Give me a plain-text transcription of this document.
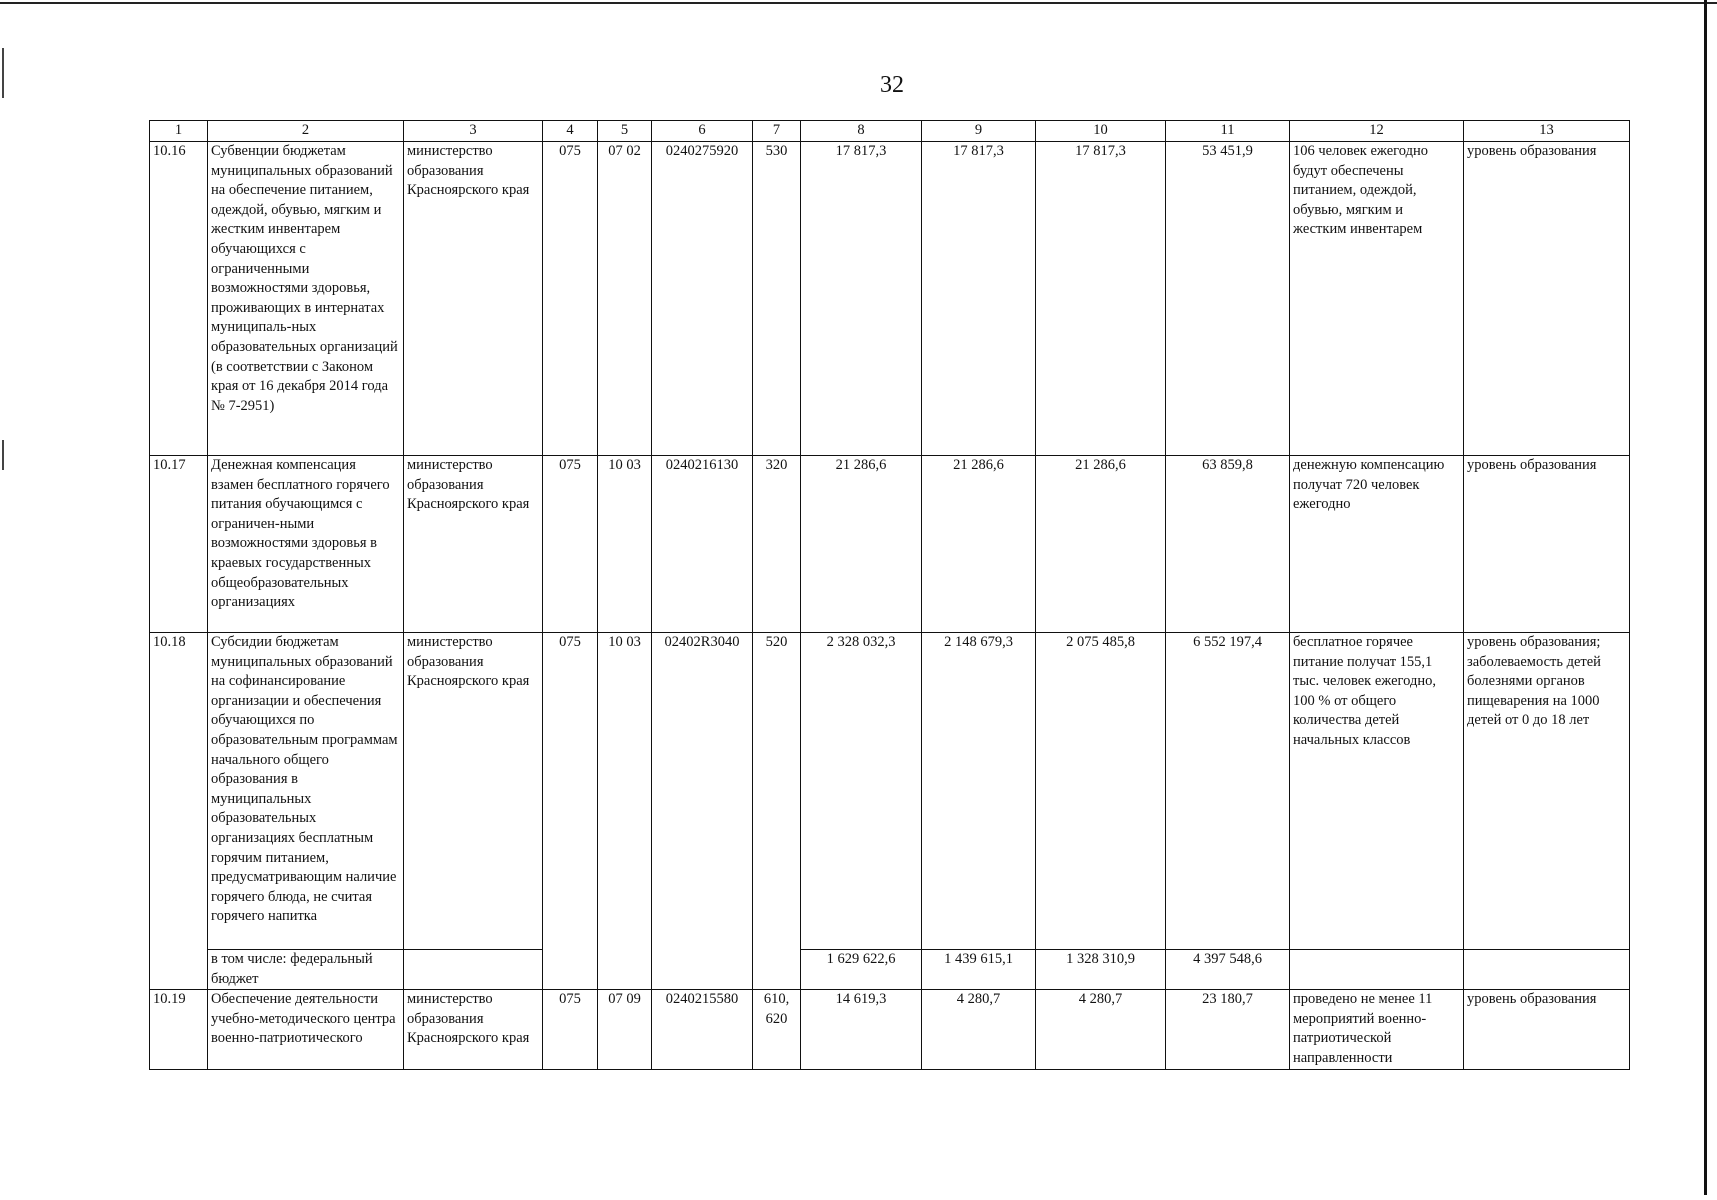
32
1	2	3	4	5	6	7	8	9	10	11	12	13
10.16	Субвенции бюджетам муниципальных образований на обеспечение питанием, одеждой, обувью, мягким и жестким инвентарем обучающихся с ограниченными возможностями здоровья, проживающих в интернатах муниципаль-ных образовательных организаций (в соответствии с Законом края от 16 декабря 2014 года № 7-2951)	министерство образования Красноярского края	075	07 02	0240275920	530	17 817,3	17 817,3	17 817,3	53 451,9	106 человек ежегодно будут обеспечены питанием, одеждой, обувью, мягким и жестким инвентарем	уровень образования
10.17	Денежная компенсация взамен бесплатного горячего питания обучающимся с ограничен-ными возможностями здоровья в краевых государственных общеобразовательных организациях	министерство образования Красноярского края	075	10 03	0240216130	320	21 286,6	21 286,6	21 286,6	63 859,8	денежную компенсацию получат 720 человек ежегодно	уровень образования
10.18	Субсидии бюджетам муниципальных образований на софинансирование организации и обеспечения обучающихся по образовательным программам начального общего образования в муниципальных образовательных организациях бесплатным горячим питанием, предусматривающим наличие горячего блюда, не считая горячего напитка	министерство образования Красноярского края	075	10 03	02402R3040	520	2 328 032,3	2 148 679,3	2 075 485,8	6 552 197,4	бесплатное горячее питание получат 155,1 тыс. человек ежегодно, 100 % от общего количества детей начальных классов	уровень образования; заболеваемость детей болезнями органов пищеварения на 1000 детей от 0 до 18 лет
	в том числе: федеральный бюджет						1 629 622,6	1 439 615,1	1 328 310,9	4 397 548,6		
10.19	Обеспечение деятельности учебно-методического центра военно-патриотического	министерство образования Красноярского края	075	07 09	0240215580	610, 620	14 619,3	4 280,7	4 280,7	23 180,7	проведено не менее 11 мероприятий военно-патриотической направленности	уровень образования
